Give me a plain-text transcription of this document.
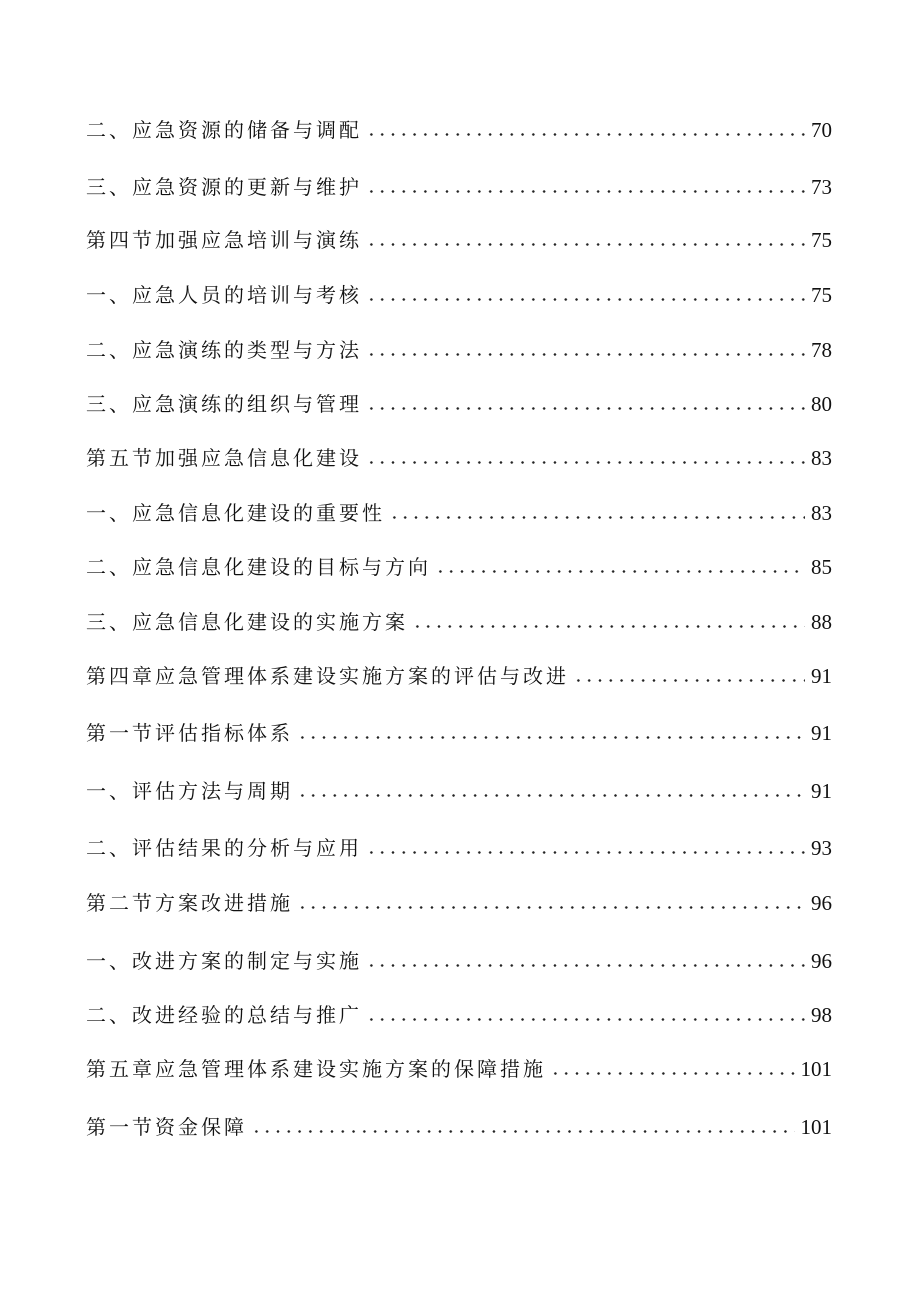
二、应急资源的储备与调配	70
三、应急资源的更新与维护	73
第四节加强应急培训与演练	75
一、应急人员的培训与考核	75
二、应急演练的类型与方法	78
三、应急演练的组织与管理	80
第五节加强应急信息化建设	83
一、应急信息化建设的重要性	83
二、应急信息化建设的目标与方向	85
三、应急信息化建设的实施方案	88
第四章应急管理体系建设实施方案的评估与改进	91
第一节评估指标体系	91
一、评估方法与周期	91
二、评估结果的分析与应用	93
第二节方案改进措施	96
一、改进方案的制定与实施	96
二、改进经验的总结与推广	98
第五章应急管理体系建设实施方案的保障措施	101
第一节资金保障	101
